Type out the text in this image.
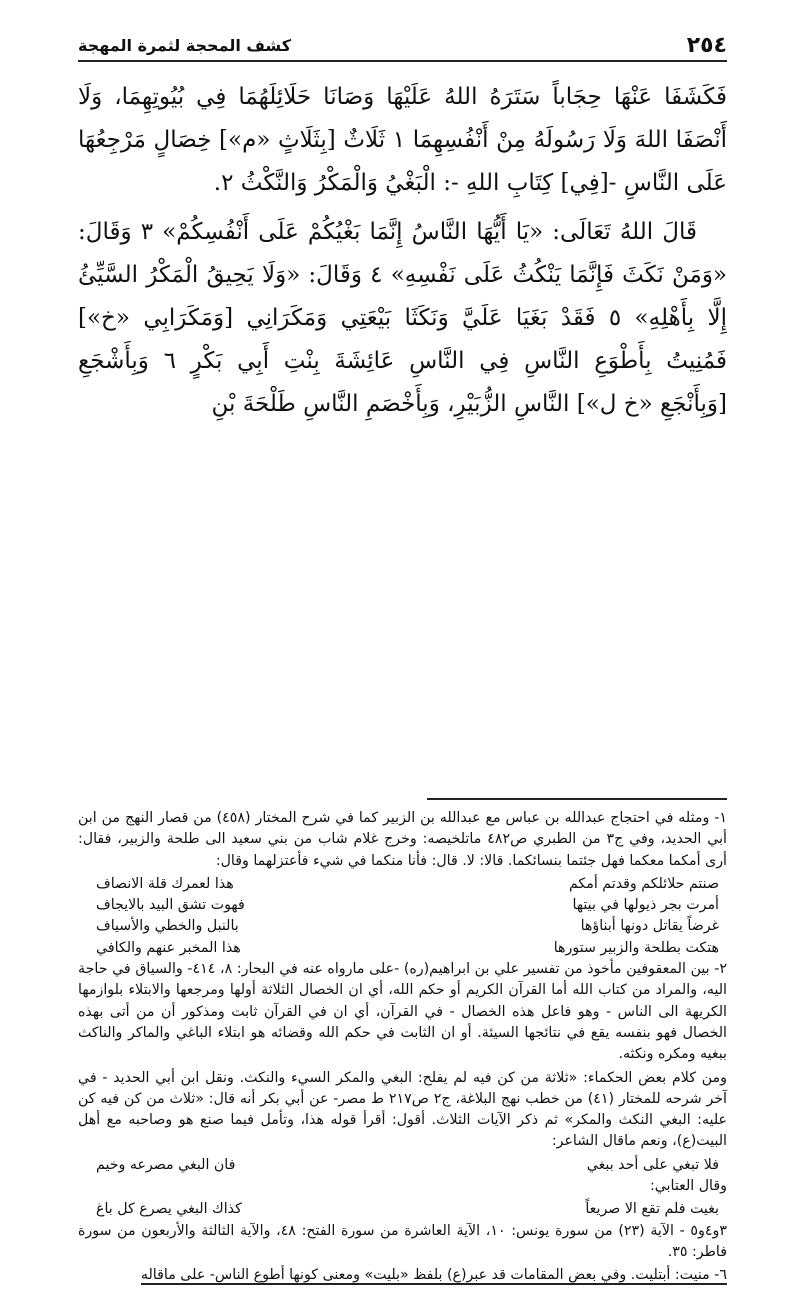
٢٥٤
كشف المحجة لثمرة المهجة

فَكَشَفَا عَنْهَا حِجَاباً سَتَرَهُ اللهُ عَلَيْهَا وَصَانَا حَلَائِلَهُمَا فِي بُيُوتِهِمَا، وَلَا أَنْصَفَا اللهَ وَلَا رَسُولَهُ مِنْ أَنْفُسِهِمَا ١ ثَلَاثٌ [بِثَلَاثٍ «م»] خِصَالٍ مَرْجِعُهَا عَلَى النَّاسِ -[فِي] كِتَابِ اللهِ -: الْبَغْيُ وَالْمَكْرُ وَالنَّكْثُ ٢.

قَالَ اللهُ تَعَالَى: «يَا أَيُّهَا النَّاسُ إِنَّمَا بَغْيُكُمْ عَلَى أَنْفُسِكُمْ» ٣ وَقَالَ: «وَمَنْ نَكَثَ فَإِنَّمَا يَنْكُثُ عَلَى نَفْسِهِ» ٤ وَقَالَ: «وَلَا يَحِيقُ الْمَكْرُ السَّيِّئُ إِلَّا بِأَهْلِهِ» ٥ فَقَدْ بَغَيَا عَلَيَّ وَنَكَثَا بَيْعَتِي وَمَكَرَانِي [وَمَكَرَابِي «خ»] فَمُنِيتُ بِأَطْوَعِ النَّاسِ فِي النَّاسِ عَائِشَةَ بِنْتِ أَبِي بَكْرٍ ٦ وَبِأَشْجَعِ [وَبِأَنْجَعِ «خ ل»] النَّاسِ الزُّبَيْرِ، وَبِأَخْصَمِ النَّاسِ طَلْحَةَ بْنِ

١- ومثله في احتجاج عبدالله بن عباس مع عبدالله بن الزبير كما في شرح المختار (٤٥٨) من قصار النهج من ابن أبي الحديد، وفي ج٣ من الطبري ص٤٨٢ ماتلخيصه: وخرج غلام شاب من بني سعيد الى طلحة والزبير، فقال: أرى أمكما معكما فهل جئتما بنسائكما. قالا: لا. قال: فأنا منكما في شيء فأعتزلهما وقال:

صنتم حلائلكم وقدتم أمكم
هذا لعمرك قلة الانصاف
أمرت بجر ذيولها في بيتها
فهوت تشق البيد بالايجاف
غرضاً يقاتل دونها أبناؤها
بالنبل والخطي والأسياف
هتكت بطلحة والزبير ستورها
هذا المخبر عنهم والكافي

٢- بين المعقوفين مأخوذ من تفسير علي بن ابراهيم(ره) -على مارواه عنه في البحار: ٨، ٤١٤- والسياق في حاجة اليه، والمراد من كتاب الله أما القرآن الكريم أو حكم الله، أي ان الخصال الثلاثة أولها ومرجعها والابتلاء بلوازمها الكريهة الى الناس - وهو فاعل هذه الخصال - في القرآن، أي ان في القرآن ثابت ومذكور أن من أتى بهذه الخصال فهو بنفسه يقع في نتائجها السيئة. أو ان الثابت في حكم الله وقضائه هو ابتلاء الباغي والماكر والناكث ببغيه ومكره ونكثه.

ومن كلام بعض الحكماء: «ثلاثة من كن فيه لم يفلح: البغي والمكر السيء والنكث. ونقل ابن أبي الحديد - في آخر شرحه للمختار (٤١) من خطب نهج البلاغة، ج٢ ص٢١٧ ط مصر- عن أبي بكر أنه قال: «ثلاث من كن فيه كن عليه: البغي النكث والمكر» ثم ذكر الآيات الثلاث. أقول: أقرأ قوله هذا، وتأمل فيما صنع هو وصاحبه مع أهل البيت(ع)، ونعم ماقال الشاعر:

فلا تبغي على أحد ببغي
فان البغي مصرعه وخيم

وقال العتابي:

بغيت فلم تقع الا صريعاً
كذاك البغي يصرع كل باغ

٣و٤و٥ - الآية (٢٣) من سورة يونس: ١٠، الآية العاشرة من سورة الفتح: ٤٨، والآية الثالثة والأربعون من سورة فاطر: ٣٥.

٦- منيت: أبتليت. وفي بعض المقامات قد عبر(ع) بلفظ «بليت» ومعنى كونها أطوع الناس- على ماقاله
